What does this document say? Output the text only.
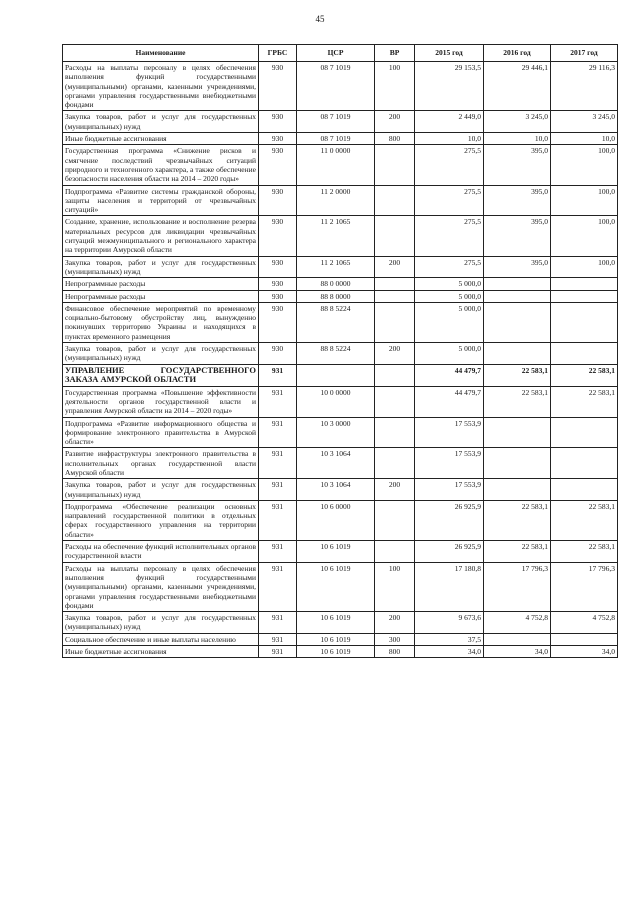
45
Наименование	ГРБС	ЦСР	ВР	2015 год	2016 год	2017 год
Расходы на выплаты персоналу в целях обеспечения выполнения функций государственными (муниципальными) органами, казенными учреждениями, органами управления государственными внебюджетными фондами	930	08 7 1019	100	29 153,5	29 446,1	29 116,3
Закупка товаров, работ и услуг для государственных (муниципальных) нужд	930	08 7 1019	200	2 449,0	3 245,0	3 245,0
Иные бюджетные ассигнования	930	08 7 1019	800	10,0	10,0	10,0
Государственная программа «Снижение рисков и смягчение последствий чрезвычайных ситуаций природного и техногенного характера, а также обеспечение безопасности населения области на 2014 – 2020 годы»	930	11 0 0000		275,5	395,0	100,0
Подпрограмма «Развитие системы гражданской обороны, защиты населения и территорий от чрезвычайных ситуаций»	930	11 2 0000		275,5	395,0	100,0
Создание, хранение, использование и восполнение резерва материальных ресурсов для ликвидации чрезвычайных ситуаций межмуниципального и регионального характера на территории Амурской области	930	11 2 1065		275,5	395,0	100,0
Закупка товаров, работ и услуг для государственных (муниципальных) нужд	930	11 2 1065	200	275,5	395,0	100,0
Непрограммные расходы	930	88 0 0000		5 000,0		
Непрограммные расходы	930	88 8 0000		5 000,0		
Финансовое обеспечение мероприятий по временному социально-бытовому обустройству лиц, вынужденно покинувших территорию Украины и находящихся в пунктах временного размещения	930	88 8 5224		5 000,0		
Закупка товаров, работ и услуг для государственных (муниципальных) нужд	930	88 8 5224	200	5 000,0		
УПРАВЛЕНИЕ ГОСУДАРСТВЕННОГО ЗАКАЗА АМУРСКОЙ ОБЛАСТИ	931			44 479,7	22 583,1	22 583,1
Государственная программа «Повышение эффективности деятельности органов государственной власти и управления Амурской области на 2014 – 2020 годы»	931	10 0 0000		44 479,7	22 583,1	22 583,1
Подпрограмма «Развитие информационного общества и формирование электронного правительства в Амурской области»	931	10 3 0000		17 553,9		
Развитие инфраструктуры электронного правительства в исполнительных органах государственной власти Амурской области	931	10 3 1064		17 553,9		
Закупка товаров, работ и услуг для государственных (муниципальных) нужд	931	10 3 1064	200	17 553,9		
Подпрограмма «Обеспечение реализации основных направлений государственной политики в отдельных сферах государственного управления на территории области»	931	10 6 0000		26 925,9	22 583,1	22 583,1
Расходы на обеспечение функций исполнительных органов государственной власти	931	10 6 1019		26 925,9	22 583,1	22 583,1
Расходы на выплаты персоналу в целях обеспечения выполнения функций государственными (муниципальными) органами, казенными учреждениями, органами управления государственными внебюджетными фондами	931	10 6 1019	100	17 180,8	17 796,3	17 796,3
Закупка товаров, работ и услуг для государственных (муниципальных) нужд	931	10 6 1019	200	9 673,6	4 752,8	4 752,8
Социальное обеспечение и иные выплаты населению	931	10 6 1019	300	37,5		
Иные бюджетные ассигнования	931	10 6 1019	800	34,0	34,0	34,0
